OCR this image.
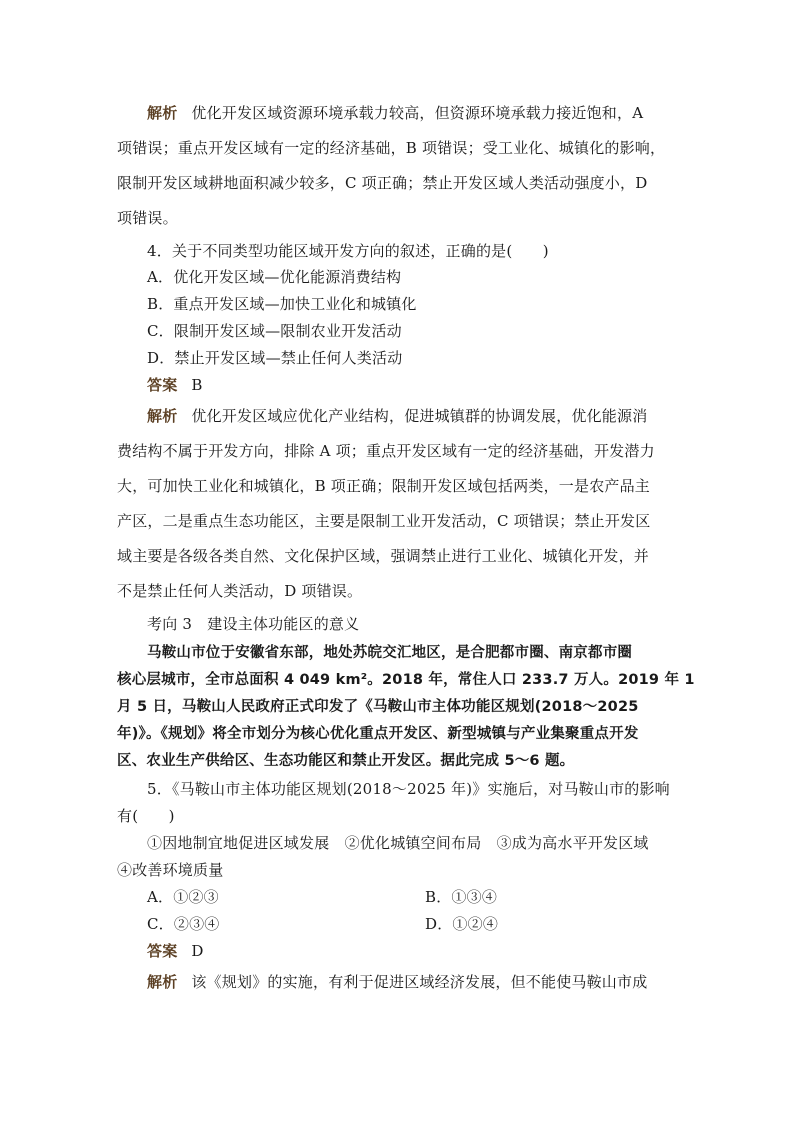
解析 优化开发区域资源环境承载力较高，但资源环境承载力接近饱和，A
项错误；重点开发区域有一定的经济基础，B 项错误；受工业化、城镇化的影响，
限制开发区域耕地面积减少较多，C 项正确；禁止开发区域人类活动强度小，D
项错误。
4．关于不同类型功能区域开发方向的叙述，正确的是(　　)
A．优化开发区域—优化能源消费结构
B．重点开发区域—加快工业化和城镇化
C．限制开发区域—限制农业开发活动
D．禁止开发区域—禁止任何人类活动
答案 B
解析 优化开发区域应优化产业结构，促进城镇群的协调发展，优化能源消
费结构不属于开发方向，排除 A 项；重点开发区域有一定的经济基础，开发潜力
大，可加快工业化和城镇化，B 项正确；限制开发区域包括两类，一是农产品主
产区，二是重点生态功能区，主要是限制工业开发活动，C 项错误；禁止开发区
域主要是各级各类自然、文化保护区域，强调禁止进行工业化、城镇化开发，并
不是禁止任何人类活动，D 项错误。
考向 3　建设主体功能区的意义
马鞍山市位于安徽省东部，地处苏皖交汇地区，是合肥都市圈、南京都市圈
核心层城市，全市总面积 4 049 km²。2018 年，常住人口 233.7 万人。2019 年 1
月 5 日，马鞍山人民政府正式印发了《马鞍山市主体功能区规划(2018～2025
年)》。《规划》将全市划分为核心优化重点开发区、新型城镇与产业集聚重点开发
区、农业生产供给区、生态功能区和禁止开发区。据此完成 5～6 题。
5．《马鞍山市主体功能区规划(2018～2025 年)》实施后，对马鞍山市的影响
有(　　)
①因地制宜地促进区域发展　②优化城镇空间布局　③成为高水平开发区域
④改善环境质量
A．①②③	B．①③④
C．②③④	D．①②④
答案 D
解析 该《规划》的实施，有利于促进区域经济发展，但不能使马鞍山市成
